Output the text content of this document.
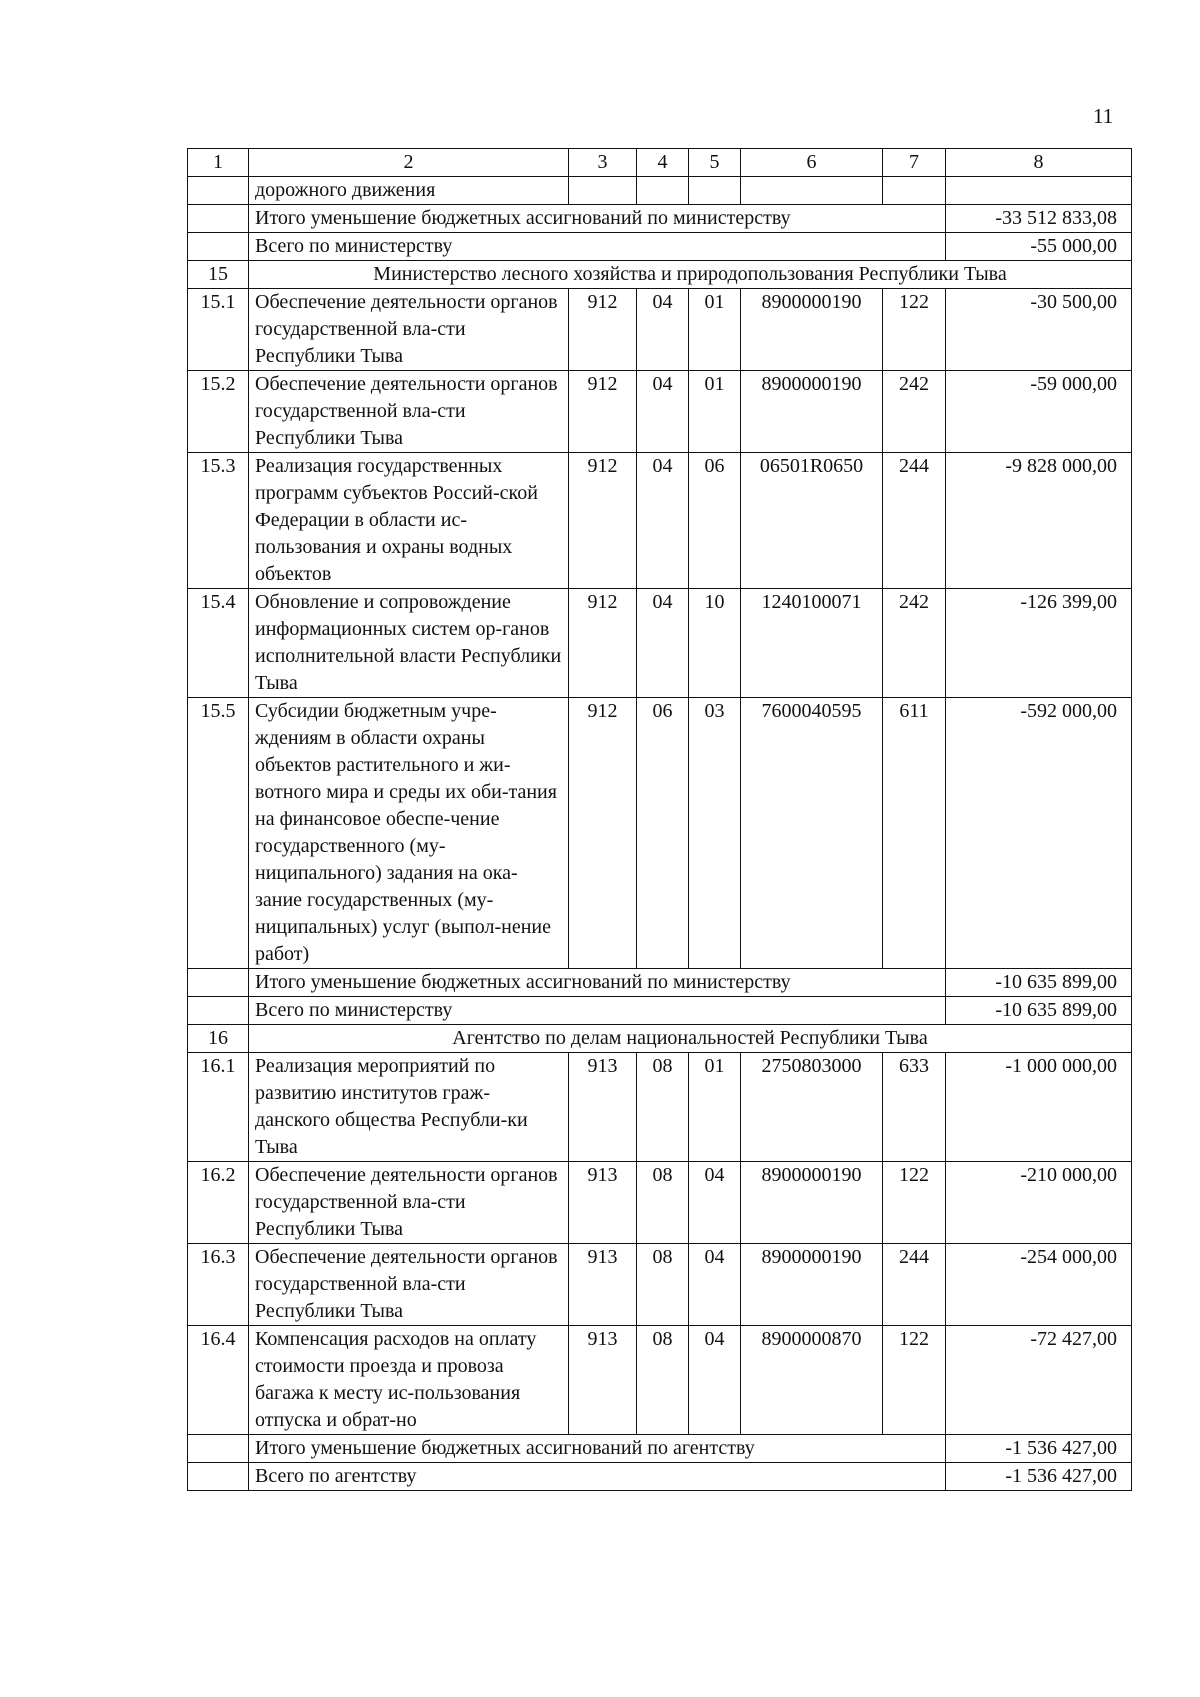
11
1	2	3	4	5	6	7	8
	дорожного движения						
	Итого уменьшение бюджетных ассигнований по министерству						-33 512 833,08
	Всего по министерству						-55 000,00
15	Министерство лесного хозяйства и природопользования Республики Тыва						
15.1	Обеспечение деятельности органов государственной вла-сти Республики Тыва	912	04	01	8900000190	122	-30 500,00
15.2	Обеспечение деятельности органов государственной вла-сти Республики Тыва	912	04	01	8900000190	242	-59 000,00
15.3	Реализация государственных программ субъектов Россий-ской Федерации в области ис-пользования и охраны водных объектов	912	04	06	06501R0650	244	-9 828 000,00
15.4	Обновление и сопровождение информационных систем ор-ганов исполнительной власти Республики Тыва	912	04	10	1240100071	242	-126 399,00
15.5	Субсидии бюджетным учре-ждениям в области охраны объектов растительного и жи-вотного мира и среды их оби-тания на финансовое обеспе-чение государственного (му-ниципального) задания на ока-зание государственных (му-ниципальных) услуг (выпол-нение работ)	912	06	03	7600040595	611	-592 000,00
	Итого уменьшение бюджетных ассигнований по министерству						-10 635 899,00
	Всего по министерству						-10 635 899,00
16	Агентство по делам национальностей Республики Тыва						
16.1	Реализация мероприятий по развитию институтов граж-данского общества Республи-ки Тыва	913	08	01	2750803000	633	-1 000 000,00
16.2	Обеспечение деятельности органов государственной вла-сти Республики Тыва	913	08	04	8900000190	122	-210 000,00
16.3	Обеспечение деятельности органов государственной вла-сти Республики Тыва	913	08	04	8900000190	244	-254 000,00
16.4	Компенсация расходов на оплату стоимости проезда и провоза багажа к месту ис-пользования отпуска и обрат-но	913	08	04	8900000870	122	-72 427,00
	Итого уменьшение бюджетных ассигнований по агентству						-1 536 427,00
	Всего по агентству						-1 536 427,00
